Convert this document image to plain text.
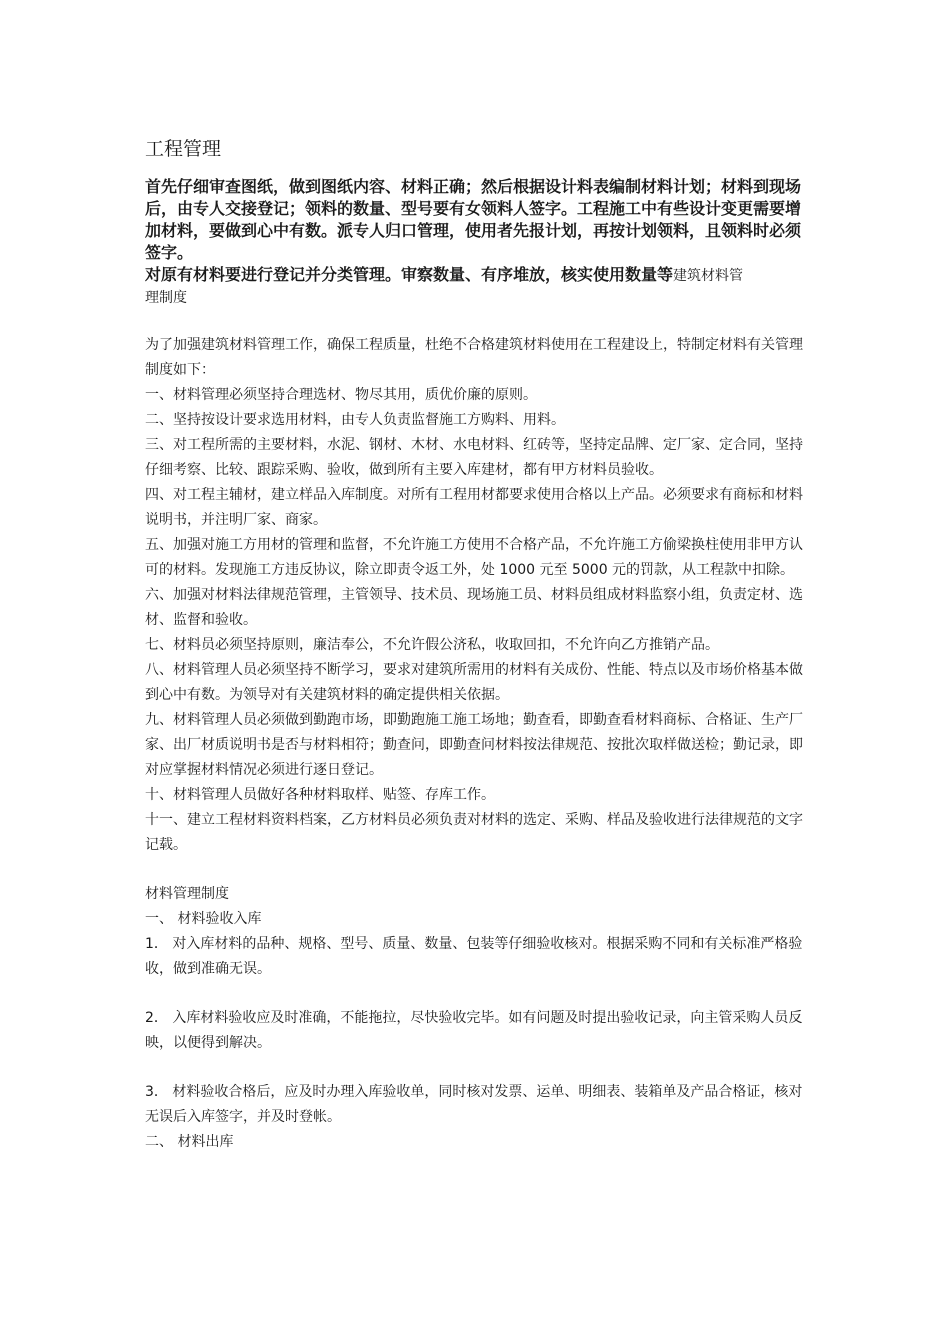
工程管理

首先仔细审查图纸，做到图纸内容、材料正确；然后根据设计料表编制材料计划；材料到现场后，由专人交接登记；领料的数量、型号要有女领料人签字。工程施工中有些设计变更需要增加材料，要做到心中有数。派专人归口管理，使用者先报计划，再按计划领料，且领料时必须签字。

对原有材料要进行登记并分类管理。审察数量、有序堆放，核实使用数量等建筑材料管

理制度

为了加强建筑材料管理工作，确保工程质量，杜绝不合格建筑材料使用在工程建设上，特制定材料有关管理制度如下：

一、材料管理必须坚持合理选材、物尽其用，质优价廉的原则。

二、坚持按设计要求选用材料，由专人负责监督施工方购料、用料。

三、对工程所需的主要材料，水泥、钢材、木材、水电材料、红砖等，坚持定品牌、定厂家、定合同，坚持仔细考察、比较、跟踪采购、验收，做到所有主要入库建材，都有甲方材料员验收。

四、对工程主辅材，建立样品入库制度。对所有工程用材都要求使用合格以上产品。必须要求有商标和材料说明书，并注明厂家、商家。

五、加强对施工方用材的管理和监督，不允许施工方使用不合格产品，不允许施工方偷梁换柱使用非甲方认可的材料。发现施工方违反协议，除立即责令返工外，处 1000 元至 5000 元的罚款，从工程款中扣除。

六、加强对材料法律规范管理，主管领导、技术员、现场施工员、材料员组成材料监察小组，负责定材、选材、监督和验收。

七、材料员必须坚持原则，廉洁奉公，不允许假公济私，收取回扣，不允许向乙方推销产品。

八、材料管理人员必须坚持不断学习，要求对建筑所需用的材料有关成份、性能、特点以及市场价格基本做到心中有数。为领导对有关建筑材料的确定提供相关依据。

九、材料管理人员必须做到勤跑市场，即勤跑施工施工场地；勤查看，即勤查看材料商标、合格证、生产厂家、出厂材质说明书是否与材料相符；勤查问，即勤查问材料按法律规范、按批次取样做送检；勤记录，即对应掌握材料情况必须进行逐日登记。

十、材料管理人员做好各种材料取样、贴签、存库工作。

十一、建立工程材料资料档案，乙方材料员必须负责对材料的选定、采购、样品及验收进行法律规范的文字记载。

材料管理制度

一、 材料验收入库

1． 对入库材料的品种、规格、型号、质量、数量、包装等仔细验收核对。根据采购不同和有关标准严格验收，做到准确无误。

2． 入库材料验收应及时准确，不能拖拉，尽快验收完毕。如有问题及时提出验收记录，向主管采购人员反映，以便得到解决。

3． 材料验收合格后，应及时办理入库验收单，同时核对发票、运单、明细表、装箱单及产品合格证，核对无误后入库签字，并及时登帐。

二、 材料出库
